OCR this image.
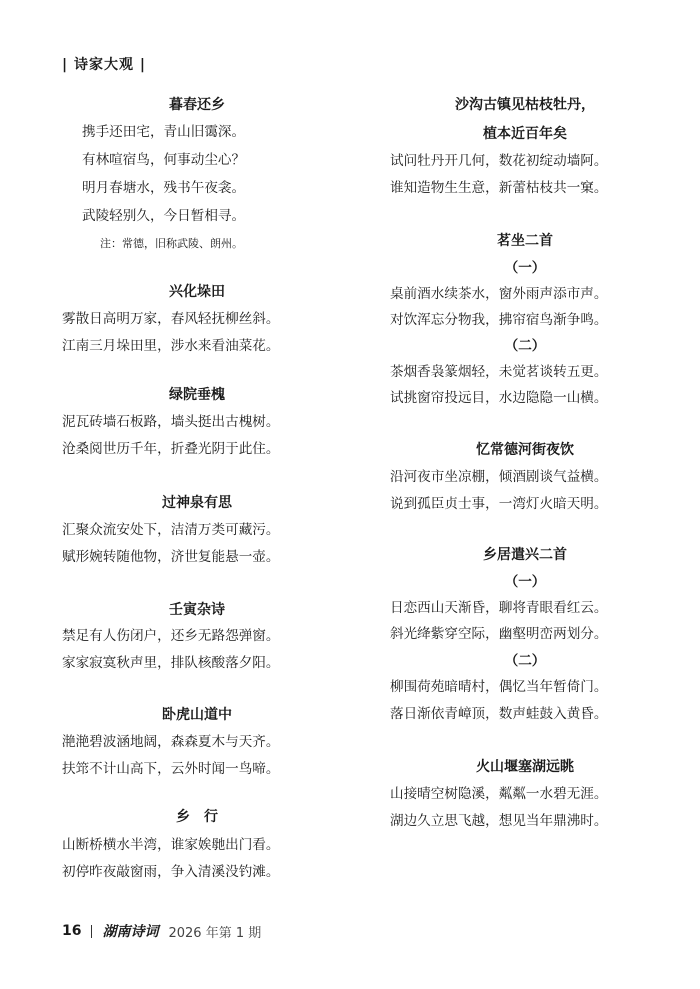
| 诗家大观 |
暮春还乡
携手还田宅，青山旧霭深。
有林喧宿鸟，何事动尘心？
明月春塘水，残书午夜衾。
武陵轻别久，今日暂相寻。
注：常德，旧称武陵、朗州。
兴化垛田
雾散日高明万家，春风轻抚柳丝斜。
江南三月垛田里，涉水来看油菜花。
绿院垂槐
泥瓦砖墙石板路，墙头挺出古槐树。
沧桑阅世历千年，折叠光阴于此住。
过神泉有思
汇聚众流安处下，洁清万类可藏污。
赋形婉转随他物，济世复能悬一壶。
壬寅杂诗
禁足有人伤闭户，还乡无路怨弹窗。
家家寂寞秋声里，排队核酸落夕阳。
卧虎山道中
滟滟碧波涵地阔，森森夏木与天齐。
扶筇不计山高下，云外时闻一鸟啼。
乡　行
山断桥横水半湾，谁家娭毑出门看。
初停昨夜敲窗雨，争入清溪没钓滩。
沙沟古镇见枯枝牡丹，
植本近百年矣
试问牡丹开几何，数花初绽动墙阿。
谁知造物生生意，新蕾枯枝共一窠。
茗坐二首
（一）
桌前酒水续茶水，窗外雨声添市声。
对饮浑忘分物我，拂帘宿鸟渐争鸣。
（二）
茶烟香袅篆烟轻，未觉茗谈转五更。
试挑窗帘投远目，水边隐隐一山横。
忆常德河街夜饮
沿河夜市坐凉棚，倾酒剧谈气益横。
说到孤臣贞士事，一湾灯火暗天明。
乡居遣兴二首
（一）
日恋西山天渐昏，聊将青眼看红云。
斜光绛紫穿空际，幽壑明峦两划分。
（二）
柳围荷苑暗晴村，偶忆当年暂倚门。
落日渐依青嶂顶，数声蛙鼓入黄昏。
火山堰塞湖远眺
山接晴空树隐溪，粼粼一水碧无涯。
湖边久立思飞越，想见当年鼎沸时。
16 湖南诗词 2026 年第 1 期
